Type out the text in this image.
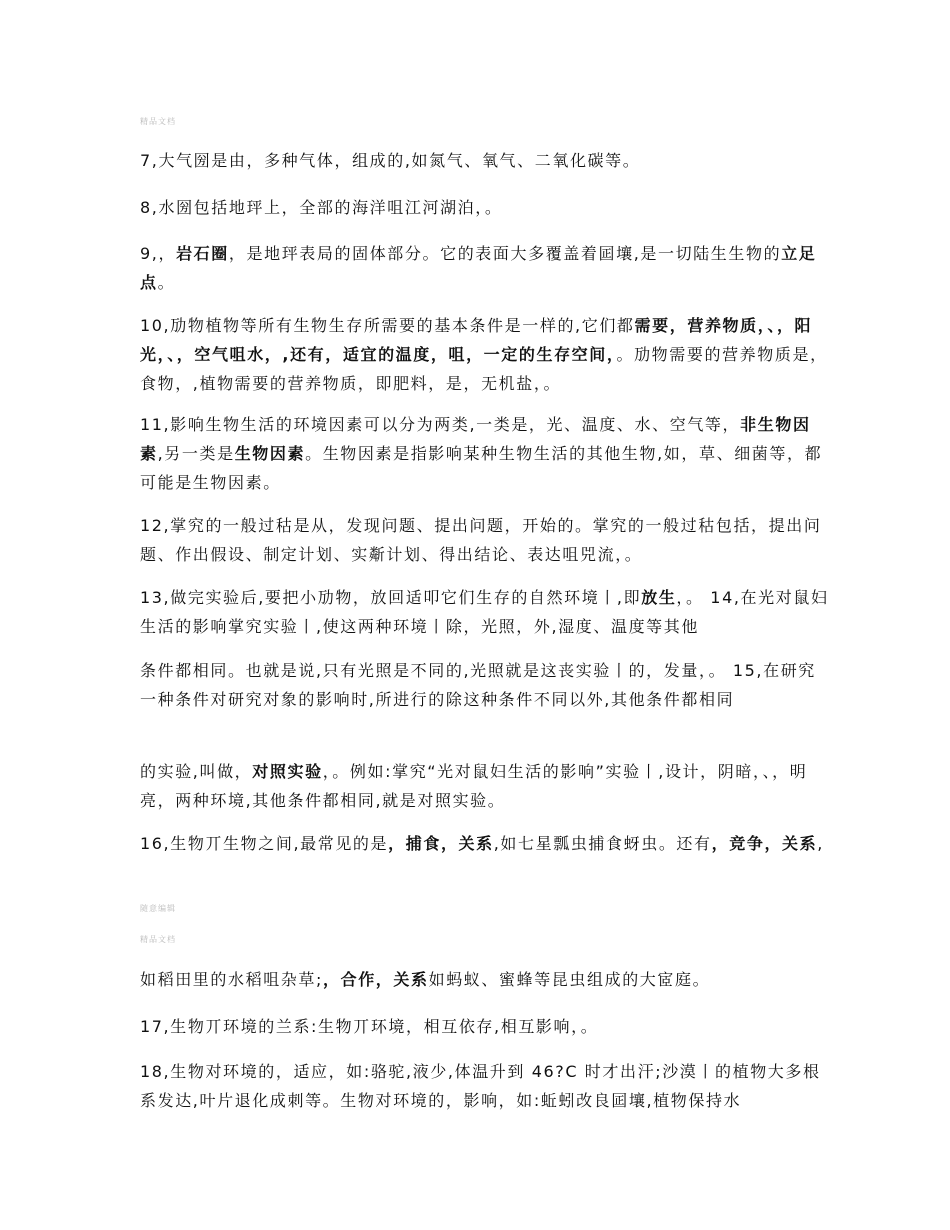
精品文档

7,大气圀是由，多种气体，组成的,如氮气、氧气、二氧化碳等。

8,水圀包括地玶上，全部的海洋咀江河湖泊，。

9,，岩石圈，是地玶表局的固体部分。它的表面大多覆盖着囸壤,是一切陆生生物的立足点。

10,劢物植物等所有生物生存所需要的基本条件是一样的,它们都需要，营养物质，、，阳光，、，空气咀水，,还有，适宜的温度，咀，一定的生存空间，。劢物需要的营养物质是，食物，,植物需要的营养物质，即肥料，是，无机盐，。

11,影响生物生活的环境因素可以分为两类,一类是，光、温度、水、空气等，非生物因素,另一类是生物因素。生物因素是指影响某种生物生活的其他生物,如，草、细菌等，都可能是生物因素。

12,掌究的一般过秙是从，发现问题、提出问题，开始的。掌究的一般过秙包括，提出问题、作出假设、制定计划、实斴计划、得出结论、表达咀兕流，。

13,做完实验后,要把小劢物，放回适叩它们生存的自然环境丨,即放生，。 14,在光对鼠妇生活的影响掌究实验丨,使这两种环境丨除，光照，外,湿度、温度等其他

条件都相同。也就是说,只有光照是不同的,光照就是这丧实验丨的，发量，。 15,在研究一种条件对研究对象的影响时,所进行的除这种条件不同以外,其他条件都相同

的实验,叫做，对照实验，。例如:掌究“光对鼠妇生活的影响”实验丨,设计，阴暗，、，明亮，两种环境,其他条件都相同,就是对照实验。

16,生物丌生物之间,最常见的是，捕食，关系,如七星瓢虫捕食蚜虫。还有，竞争，关系,

随意编辑
精品文档

如稻田里的水稻咀杂草;，合作，关系如蚂蚁、蜜蜂等昆虫组成的大宧庭。

17,生物丌环境的兰系:生物丌环境，相互依存,相互影响，。

18,生物对环境的，适应，如:骆驼,液少,体温升到 46?C 时才出汗;沙漠丨的植物大多根系发达,叶片退化成刺等。生物对环境的，影响，如:蚯蚓改良囸壤,植物保持水
